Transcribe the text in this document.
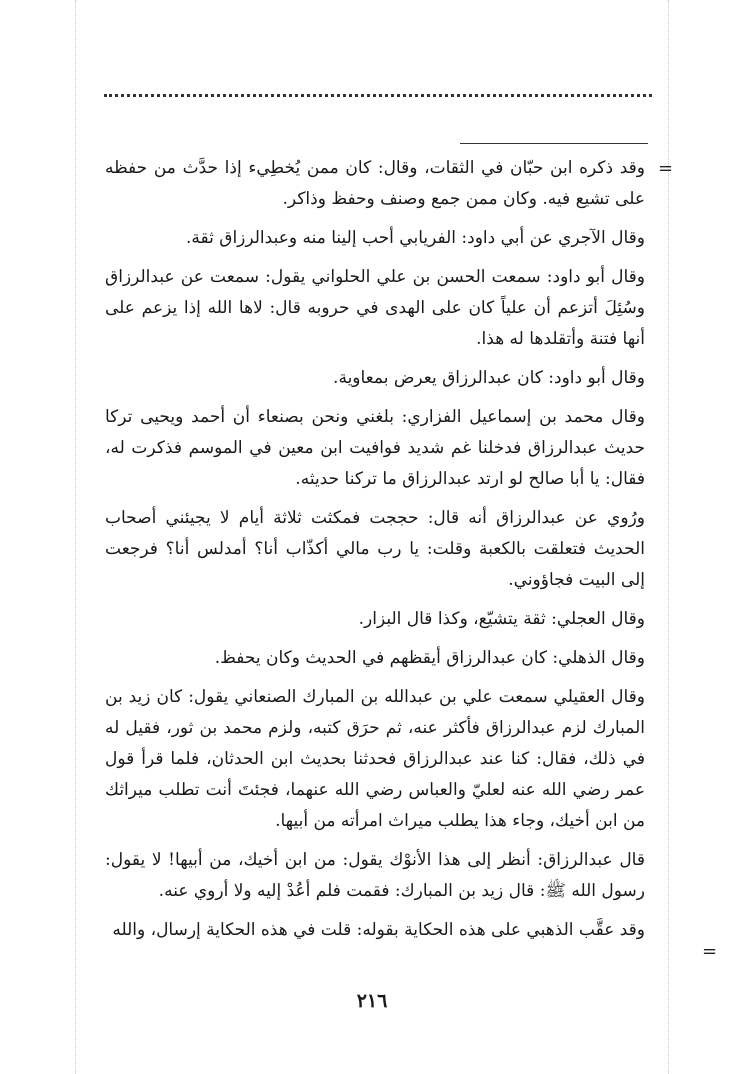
=

وقد ذكره ابن حبّان في الثقات، وقال: كان ممن يُخطِيء إذا حدَّث من حفظه على تشيع فيه. وكان ممن جمع وصنف وحفظ وذاكر.

وقال الآجري عن أبي داود: الفريابي أحب إلينا منه وعبدالرزاق ثقة.

وقال أبو داود: سمعت الحسن بن علي الحلواني يقول: سمعت عن عبدالرزاق وسُئِلَ أتزعم أن علياً كان على الهدى في حروبه قال: لاها الله إذا يزعم على أنها فتنة وأتقلدها له هذا.

وقال أبو داود: كان عبدالرزاق يعرض بمعاوية.

وقال محمد بن إسماعيل الفزاري: بلغني ونحن بصنعاء أن أحمد ويحيى تركا حديث عبدالرزاق فدخلنا غم شديد فوافيت ابن معين في الموسم فذكرت له، فقال: يا أبا صالح لو ارتد عبدالرزاق ما تركنا حديثه.

ورُوي عن عبدالرزاق أنه قال: حججت فمكثت ثلاثة أيام لا يجيئني أصحاب الحديث فتعلقت بالكعبة وقلت: يا رب مالي أكذّاب أنا؟ أمدلس أنا؟ فرجعت إلى البيت فجاؤوني.

وقال العجلي: ثقة يتشيّع، وكذا قال البزار.

وقال الذهلي: كان عبدالرزاق أيقظهم في الحديث وكان يحفظ.

وقال العقيلي سمعت علي بن عبدالله بن المبارك الصنعاني يقول: كان زيد بن المبارك لزم عبدالرزاق فأكثر عنه، ثم حرَق كتبه، ولزم محمد بن ثور، فقيل له في ذلك، فقال: كنا عند عبدالرزاق فحدثنا بحديث ابن الحدثان، فلما قرأ قول عمر رضي الله عنه لعليّ والعباس رضي الله عنهما، فجئتَ أنت تطلب ميراثك من ابن أخيك، وجاء هذا يطلب ميراث امرأته من أبيها.

قال عبدالرزاق: أنظر إلى هذا الأنوْك يقول: من ابن أخيك، من أبيها! لا يقول: رسول الله ﷺ: قال زيد بن المبارك: فقمت فلم أعُدْ إليه ولا أروي عنه.

وقد عقَّب الذهبي على هذه الحكاية بقوله: قلت في هذه الحكاية إرسال، والله

=
٢١٦
